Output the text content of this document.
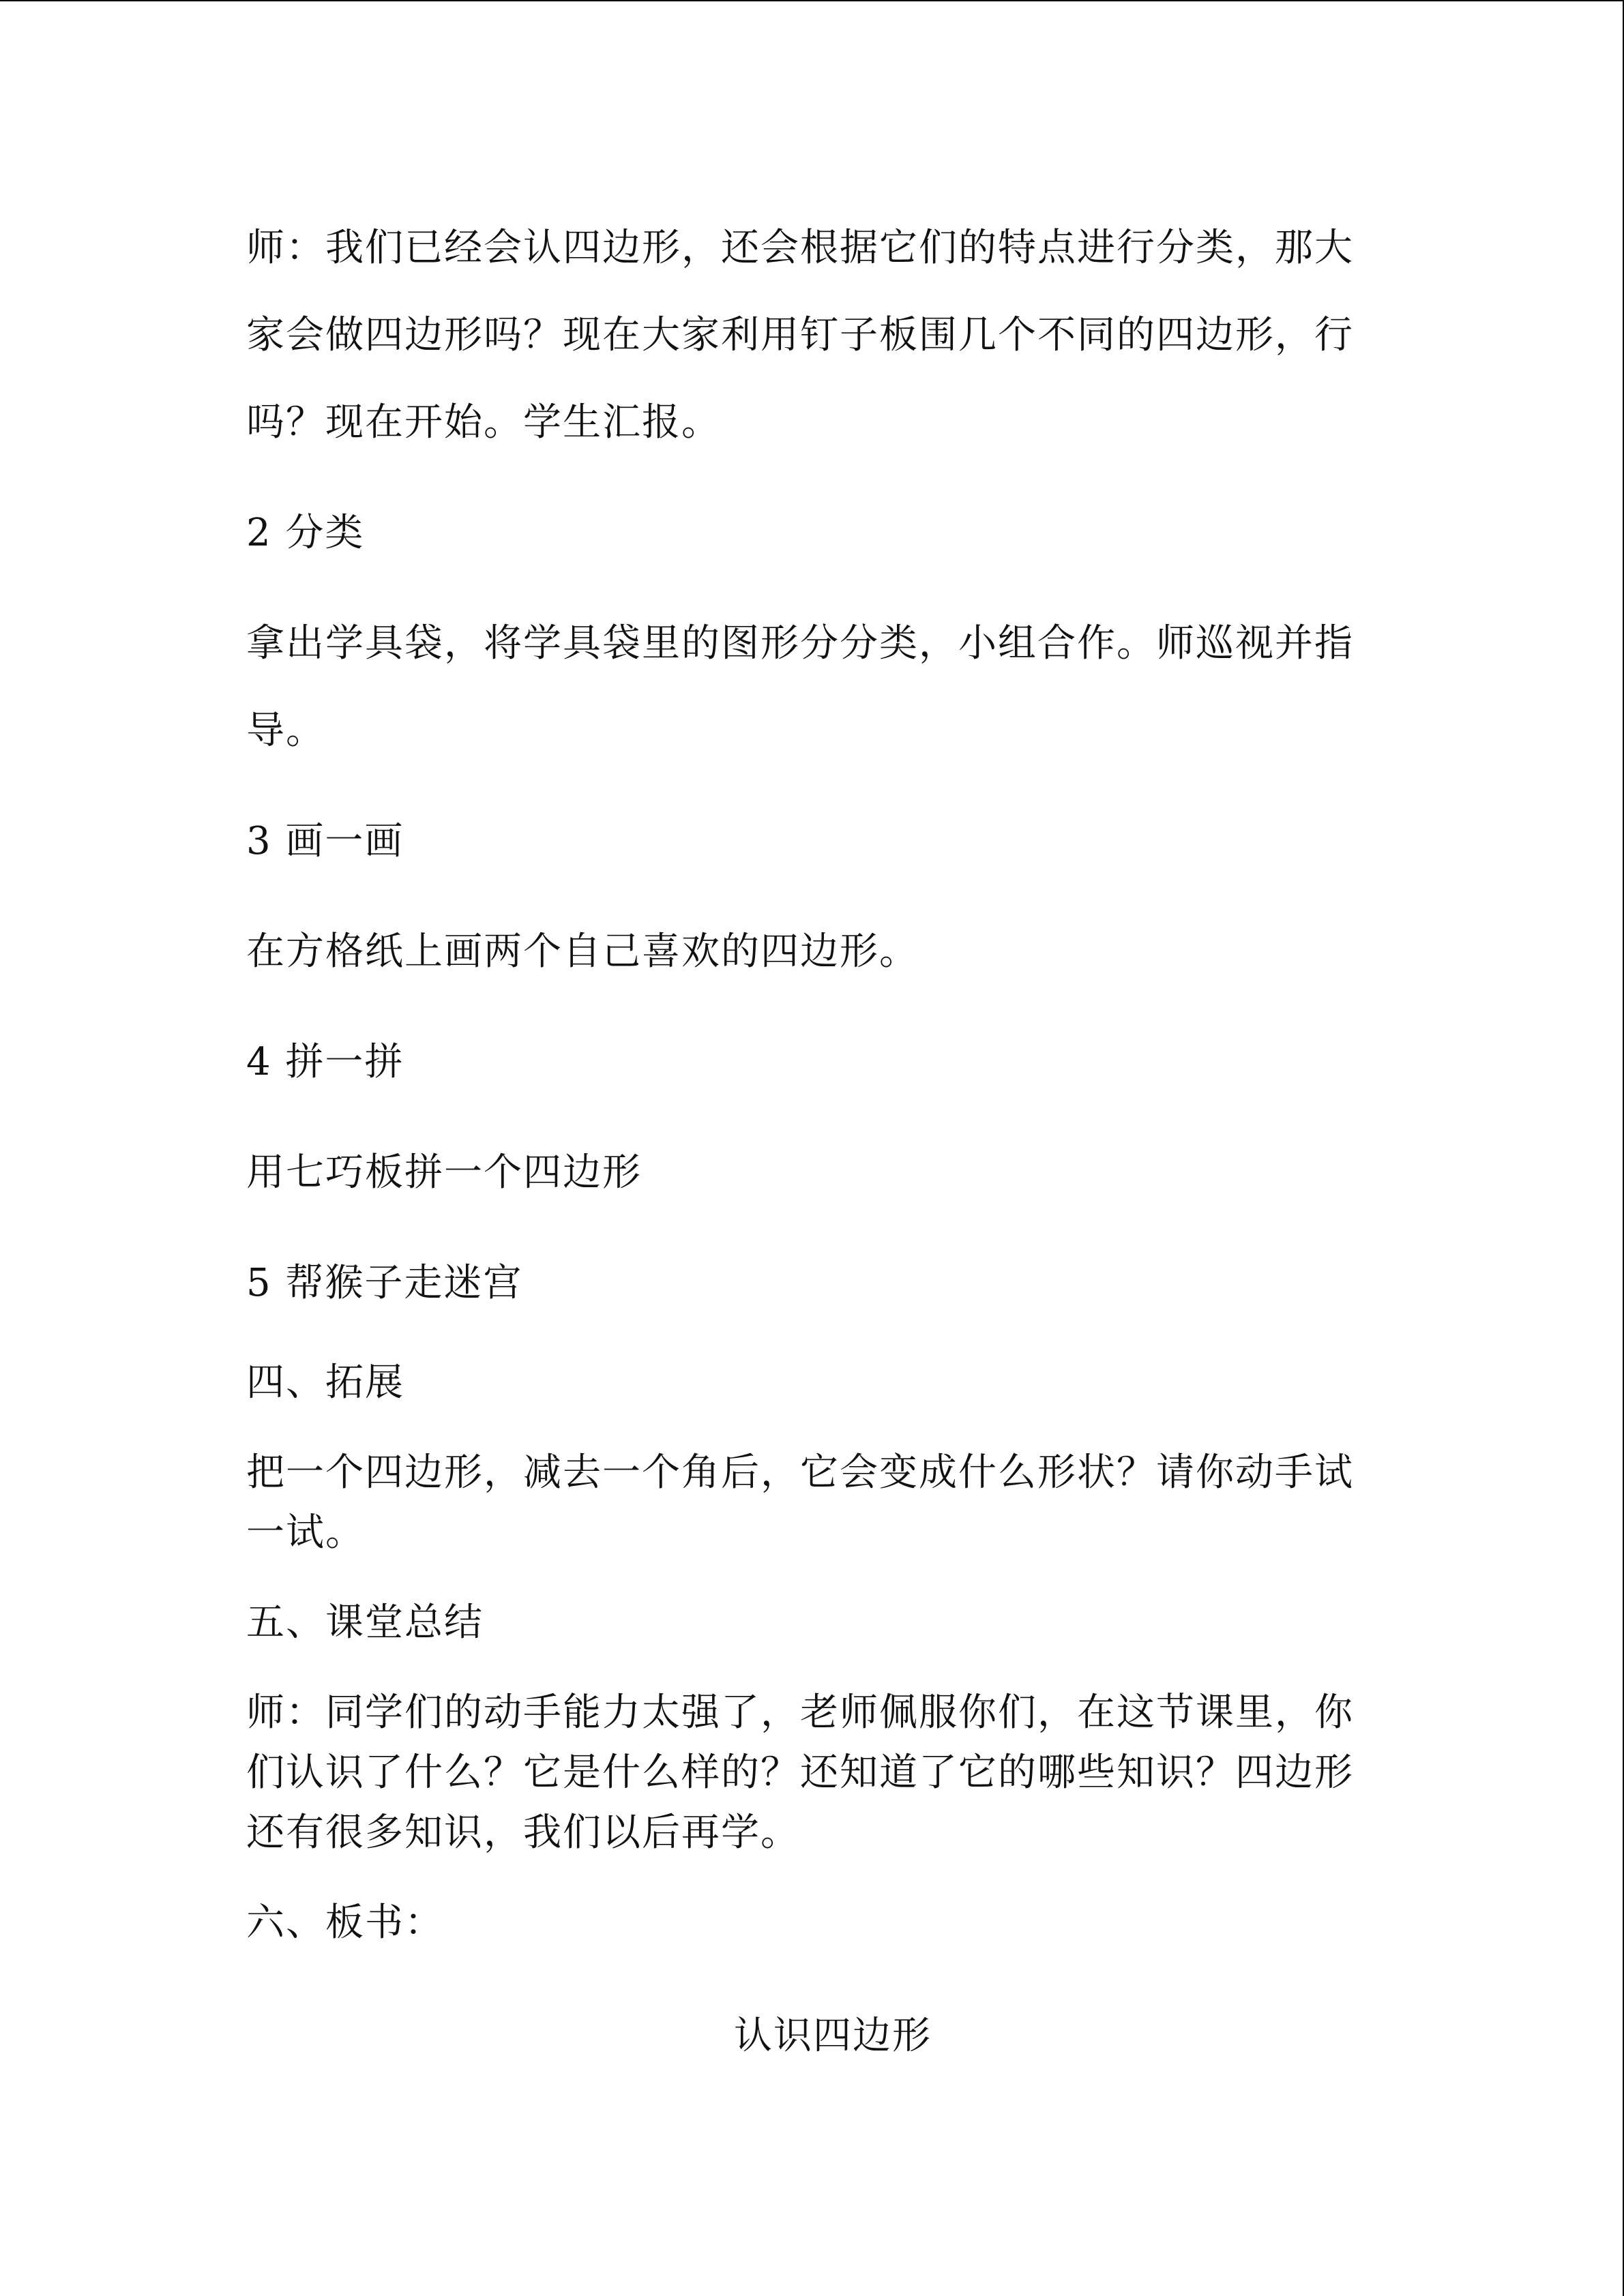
师：我们已经会认四边形，还会根据它们的特点进行分类，那大家会做四边形吗？现在大家利用钉子板围几个不同的四边形，行吗？现在开始。学生汇报。

2 分类

拿出学具袋，将学具袋里的图形分分类，小组合作。师巡视并指导。

3 画一画

在方格纸上画两个自己喜欢的四边形。

4 拼一拼

用七巧板拼一个四边形

5 帮猴子走迷宫

四、拓展

把一个四边形，减去一个角后，它会变成什么形状？请你动手试一试。

五、课堂总结

师：同学们的动手能力太强了，老师佩服你们，在这节课里，你们认识了什么？它是什么样的？还知道了它的哪些知识？四边形还有很多知识，我们以后再学。

六、板书：

认识四边形
